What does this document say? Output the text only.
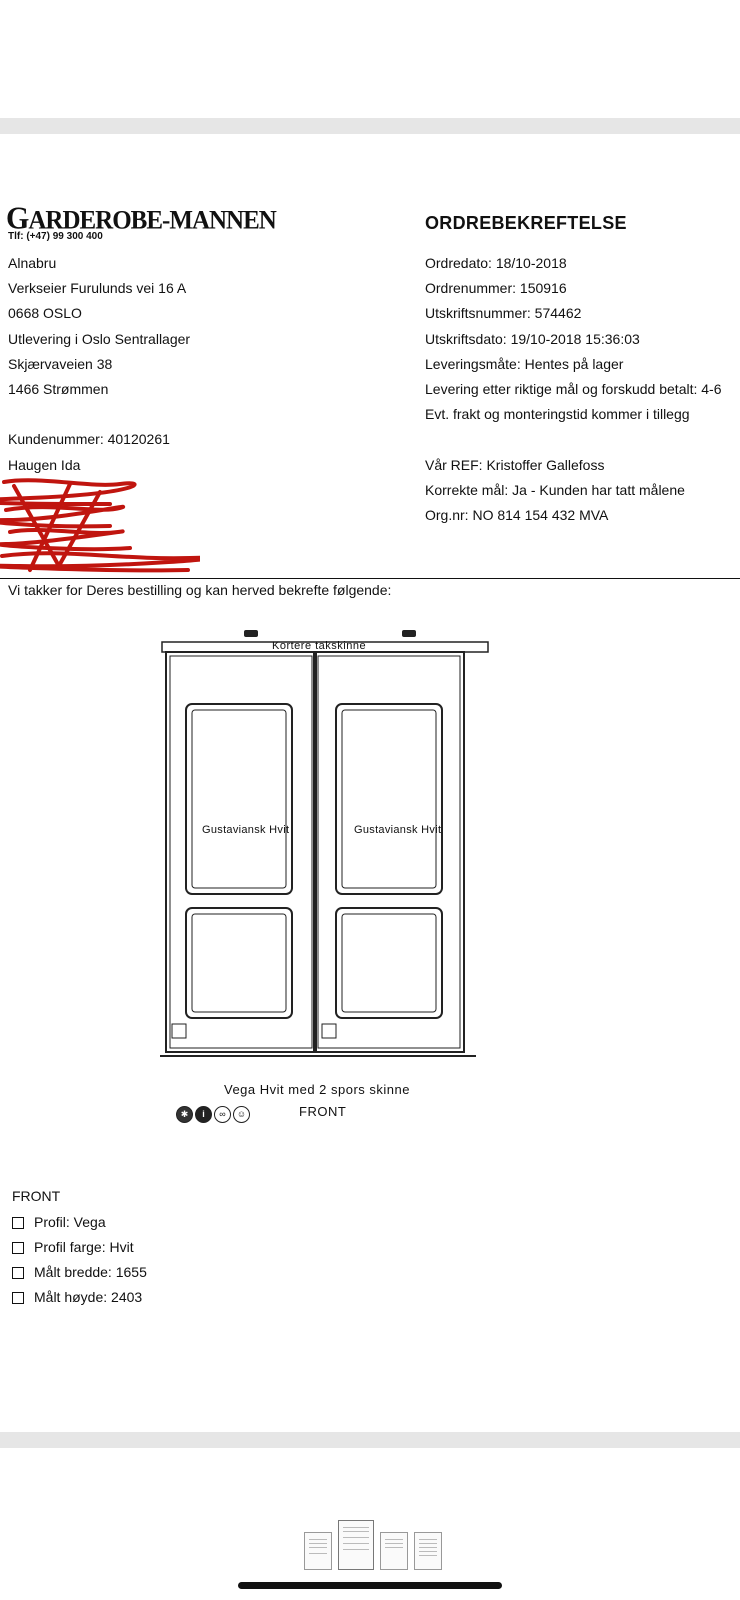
GARDEROBE-MANNEN
Tlf: (+47) 99 300 400
ORDREBEKREFTELSE
Alnabru
Verkseier Furulunds vei 16 A
0668 OSLO
Utlevering i Oslo Sentrallager
Skjærvaveien 38
1466 Strømmen

Kundenummer: 40120261
Haugen Ida
Ordredato: 18/10-2018
Ordrenummer: 150916
Utskriftsnummer: 574462
Utskriftsdato: 19/10-2018 15:36:03
Leveringsmåte: Hentes på lager
Levering etter riktige mål og forskudd betalt: 4-6
Evt. frakt og monteringstid kommer i tillegg

Vår REF: Kristoffer Gallefoss
Korrekte mål: Ja - Kunden har tatt målene
Org.nr: NO 814 154 432 MVA
Vi takker for Deres bestilling og kan herved bekrefte følgende:
Kortere takskinne
Gustaviansk Hvit	Gustaviansk Hvit
Vega Hvit med 2 spors skinne
✱	i	∞	☺	FRONT
FRONT
Profil: Vega
Profil farge: Hvit
Målt bredde: 1655
Målt høyde: 2403
